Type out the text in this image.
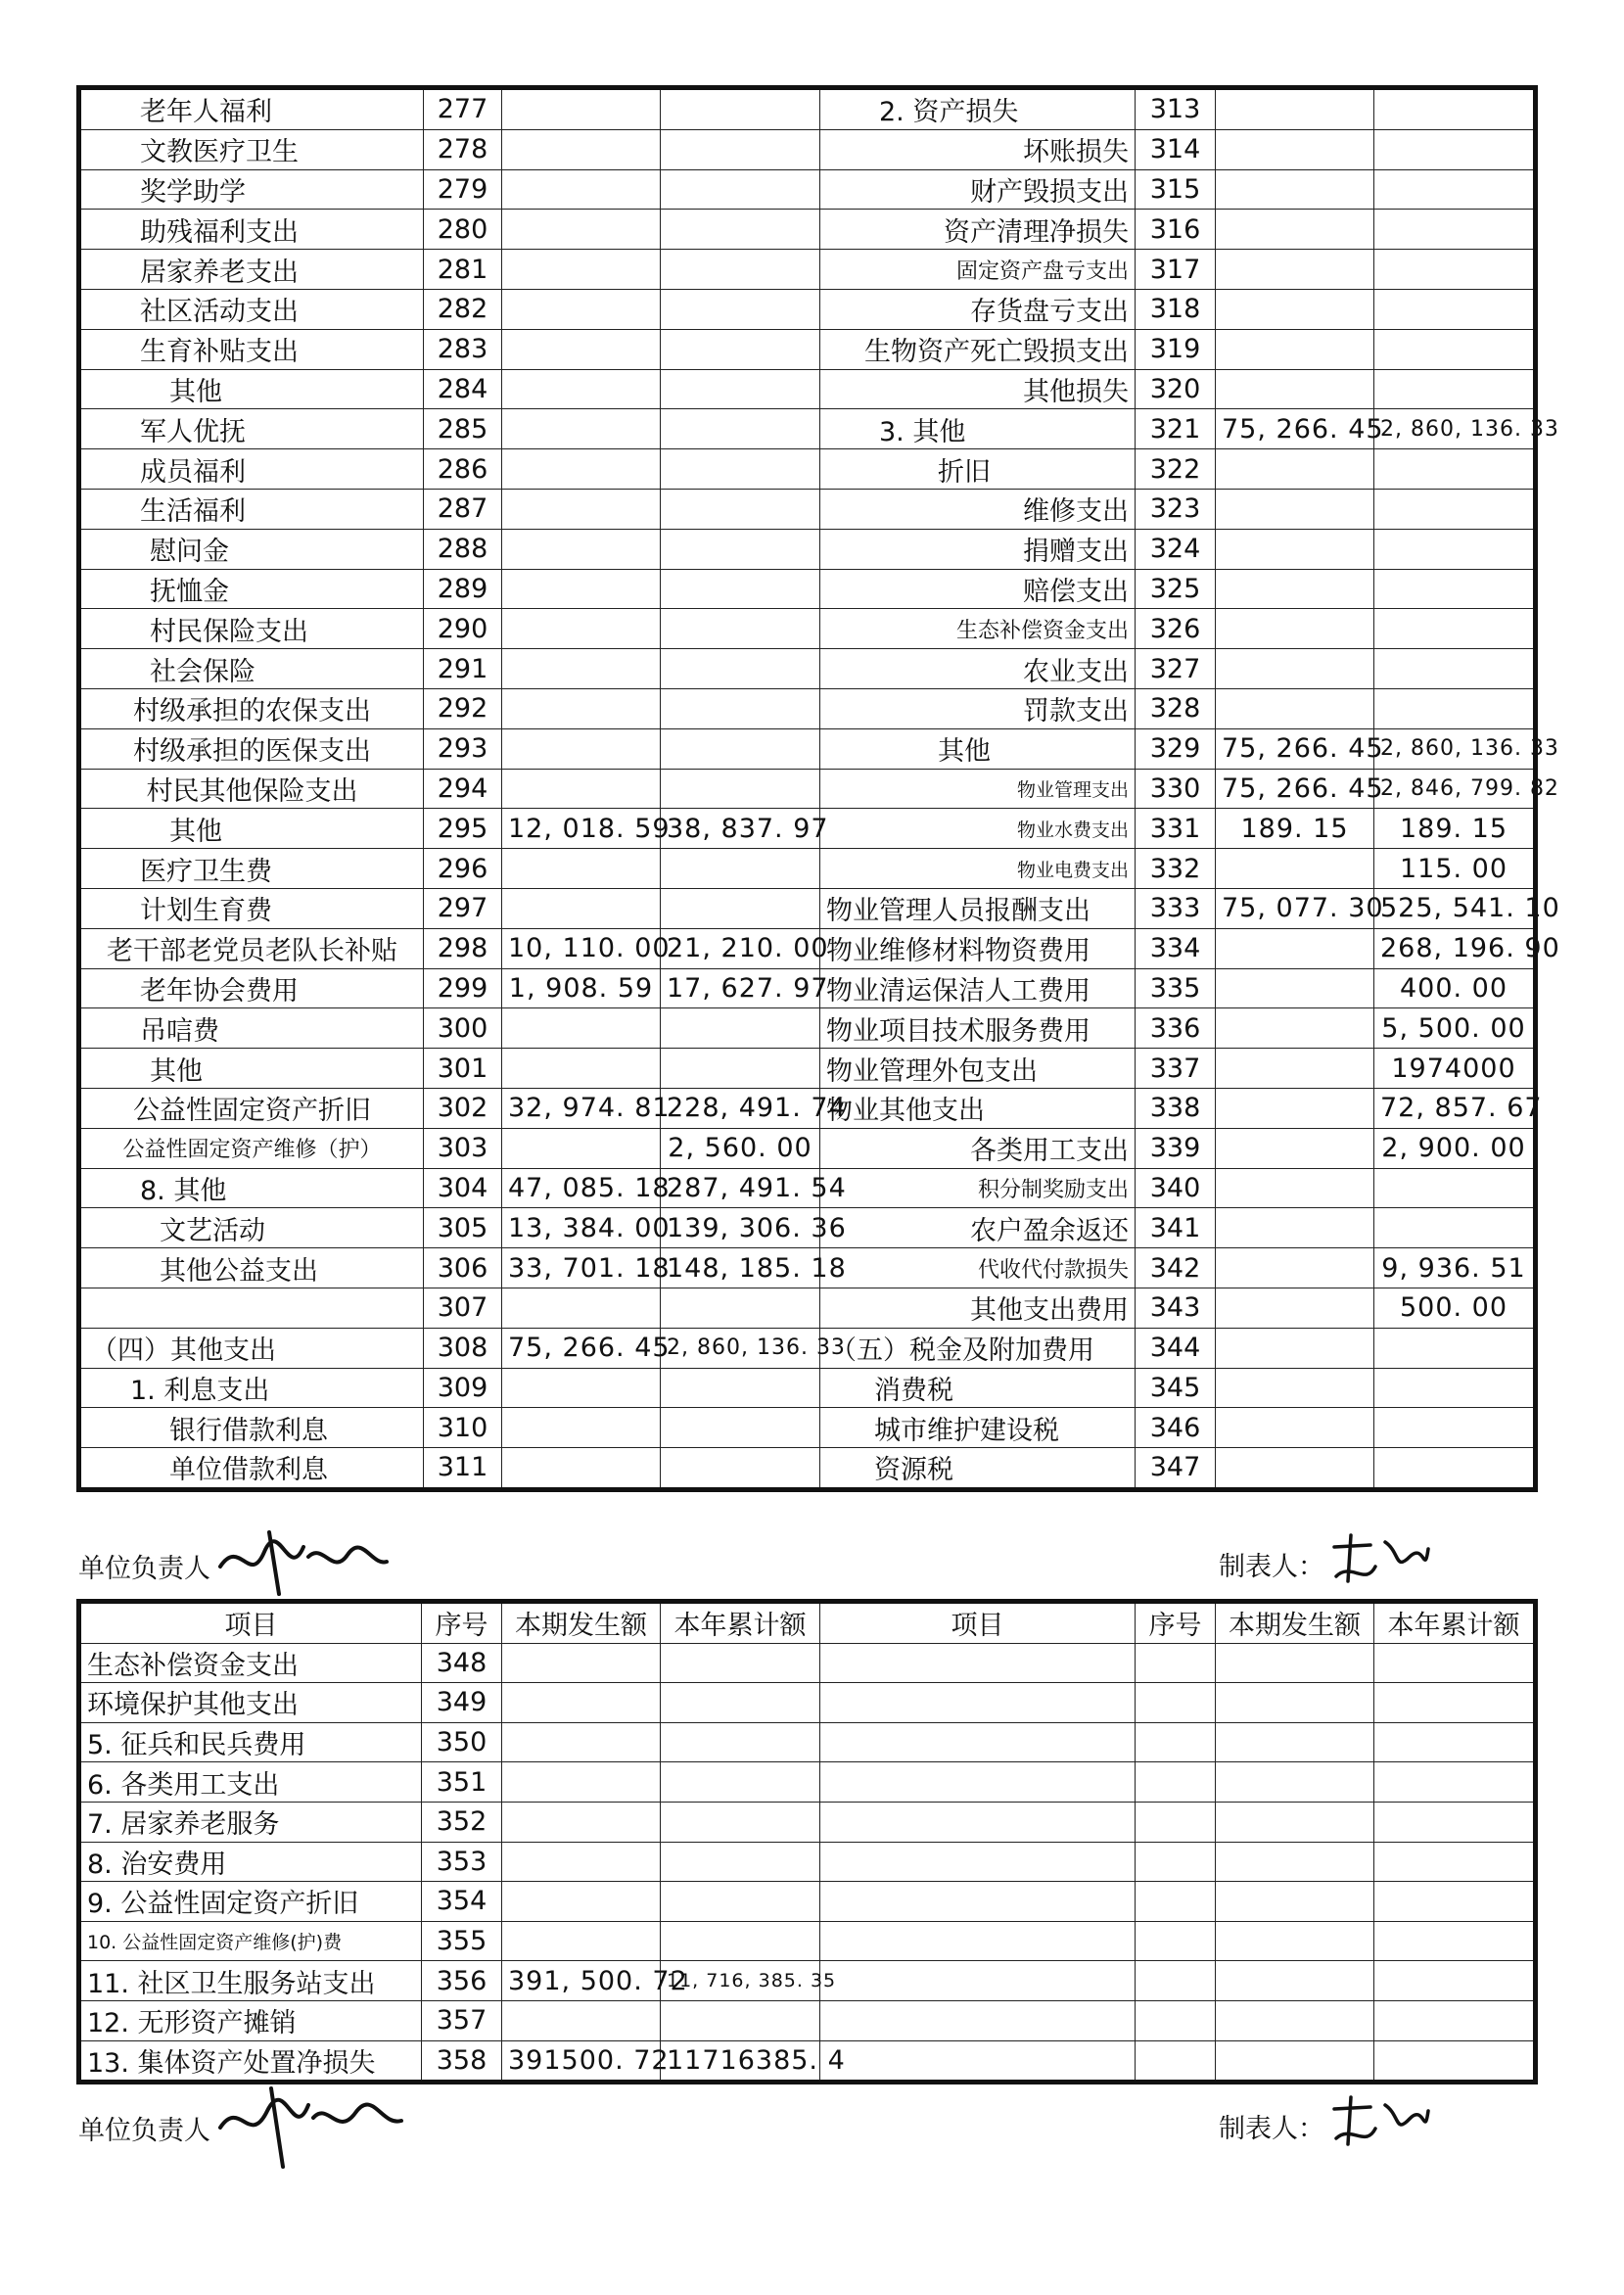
老年人福利	277			2. 资产损失	313		
文教医疗卫生	278			坏账损失	314		
奖学助学	279			财产毁损支出	315		
助残福利支出	280			资产清理净损失	316		
居家养老支出	281			固定资产盘亏支出	317		
社区活动支出	282			存货盘亏支出	318		
生育补贴支出	283			生物资产死亡毁损支出	319		
其他	284			其他损失	320		
军人优抚	285			3. 其他	321	75, 266. 45	2, 860, 136. 33
成员福利	286			折旧	322		
生活福利	287			维修支出	323		
慰问金	288			捐赠支出	324		
抚恤金	289			赔偿支出	325		
村民保险支出	290			生态补偿资金支出	326		
社会保险	291			农业支出	327		
村级承担的农保支出	292			罚款支出	328		
村级承担的医保支出	293			其他	329	75, 266. 45	2, 860, 136. 33
村民其他保险支出	294			物业管理支出	330	75, 266. 45	2, 846, 799. 82
其他	295	12, 018. 59	38, 837. 97	物业水费支出	331	189. 15	189. 15
医疗卫生费	296			物业电费支出	332		115. 00
计划生育费	297			物业管理人员报酬支出	333	75, 077. 30	525, 541. 10
老干部老党员老队长补贴	298	10, 110. 00	21, 210. 00	物业维修材料物资费用	334		268, 196. 90
老年协会费用	299	1, 908. 59	17, 627. 97	物业清运保洁人工费用	335		400. 00
吊唁费	300			物业项目技术服务费用	336		5, 500. 00
其他	301			物业管理外包支出	337		1974000
公益性固定资产折旧	302	32, 974. 81	228, 491. 74	物业其他支出	338		72, 857. 67
公益性固定资产维修（护）	303		2, 560. 00	各类用工支出	339		2, 900. 00
8. 其他	304	47, 085. 18	287, 491. 54	积分制奖励支出	340		
文艺活动	305	13, 384. 00	139, 306. 36	农户盈余返还	341		
其他公益支出	306	33, 701. 18	148, 185. 18	代收代付款损失	342		9, 936. 51
	307			其他支出费用	343		500. 00
（四）其他支出	308	75, 266. 45	2, 860, 136. 33	（五）税金及附加费用	344		
1. 利息支出	309			消费税	345		
银行借款利息	310			城市维护建设税	346		
单位借款利息	311			资源税	347		
单位负责人	制表人：
项目	序号	本期发生额	本年累计额	项目	序号	本期发生额	本年累计额
生态补偿资金支出	348						
环境保护其他支出	349						
5. 征兵和民兵费用	350						
6. 各类用工支出	351						
7. 居家养老服务	352						
8. 治安费用	353						
9. 公益性固定资产折旧	354						
10. 公益性固定资产维修(护)费	355						
11. 社区卫生服务站支出	356	391, 500. 72	11, 716, 385. 35				
12. 无形资产摊销	357						
13. 集体资产处置净损失	358	391500. 72	11716385. 4				
单位负责人	制表人：
